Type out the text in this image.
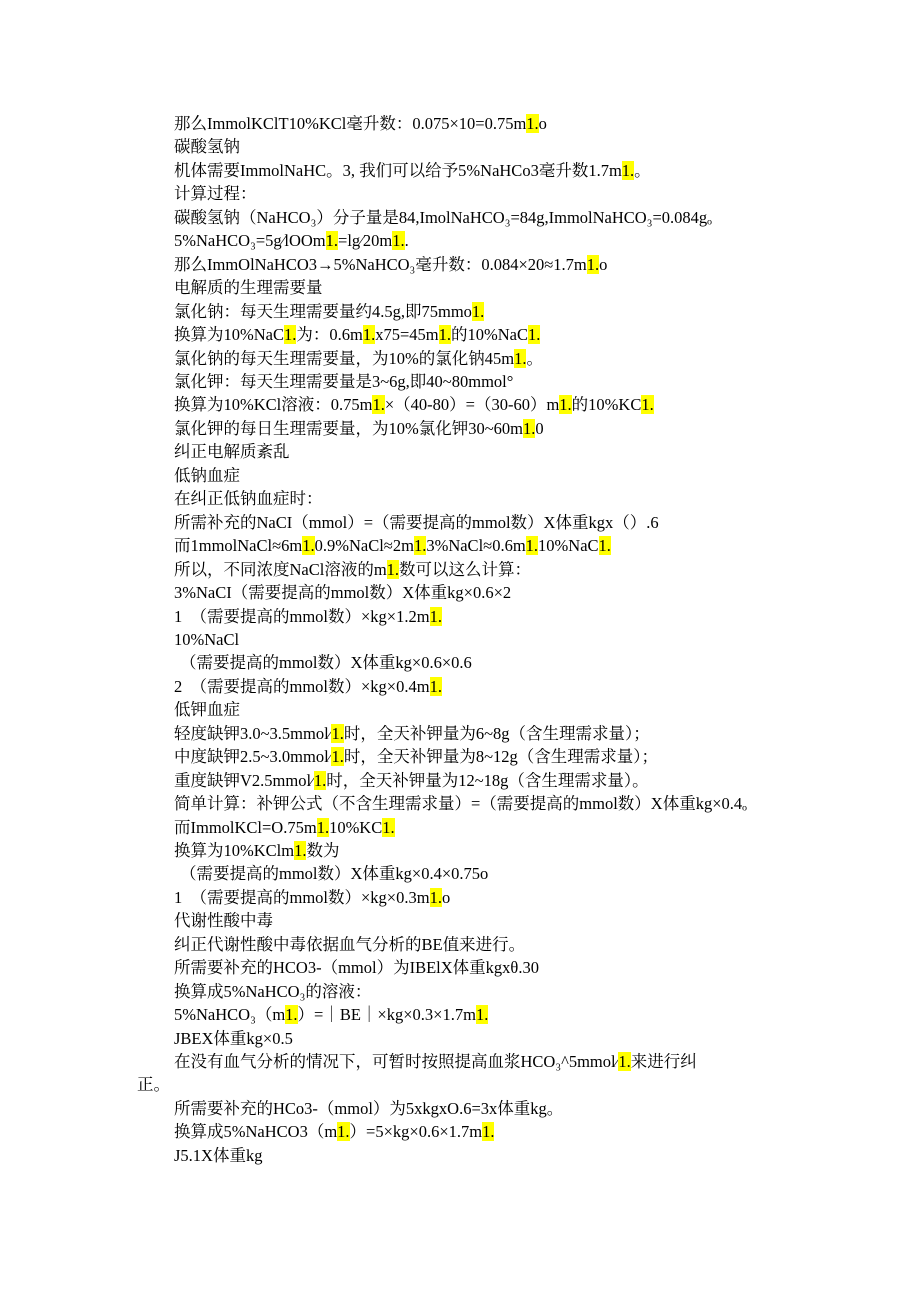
那么ImmolKClT10%KCl毫升数：0.075×10=0.75m1.o
碳酸氢钠
机体需要ImmolNaHC。3, 我们可以给予5%NaHCo3毫升数1.7m1.。
计算过程：
碳酸氢钠（NaHCO₃）分子量是84,ImolNaHCO₃=84g,ImmolNaHCO₃=0.084gₒ
5%NaHCO₃=5g⁄lOOm1.=lg⁄20m1..
那么ImmOlNaHCO3→5%NaHCO₃毫升数：0.084×20≈1.7m1.o
电解质的生理需要量
氯化钠：每天生理需要量约4.5g,即75mmo1.
换算为10%NaC1.为：0.6m1.x75=45m1.的10%NaC1.
氯化钠的每天生理需要量，为10%的氯化钠45m1.。
氯化钾：每天生理需要量是3~6g,即40~80mmol°
换算为10%KCl溶液：0.75m1.×（40-80）=（30-60）m1.的10%KC1.
氯化钾的每日生理需要量，为10%氯化钾30~60m1.0
纠正电解质紊乱
低钠血症
在纠正低钠血症时：
所需补充的NaCI（mmol）=（需要提高的mmol数）X体重kgx（）.6
而1mmolNaCl≈6m1.0.9%NaCl≈2m1.3%NaCl≈0.6m1.10%NaC1.
所以，不同浓度NaCl溶液的m1.数可以这么计算：
3%NaCI（需要提高的mmol数）X体重kg×0.6×2
1　（需要提高的mmol数）×kg×1.2m1.
10%NaCl
（需要提高的mmol数）X体重kg×0.6×0.6
2　（需要提高的mmol数）×kg×0.4m1.
低钾血症
轻度缺钾3.0~3.5mmol⁄1.时，全天补钾量为6~8g（含生理需求量）；
中度缺钾2.5~3.0mmol⁄1.时，全天补钾量为8~12g（含生理需求量）；
重度缺钾V2.5mmol⁄1.时，全天补钾量为12~18g（含生理需求量）。
简单计算：补钾公式（不含生理需求量）=（需要提高的mmol数）X体重kg×0.4ₒ
而ImmolKCl=O.75m1.10%KC1.
换算为10%KClm1.数为
（需要提高的mmol数）X体重kg×0.4×0.75o
1　（需要提高的mmol数）×kg×0.3m1.o
代谢性酸中毒
纠正代谢性酸中毒依据血气分析的BE值来进行。
所需要补充的HCO3-（mmol）为IBElX体重kgxθ.30
换算成5%NaHCO₃的溶液：
5%NaHCO₃（m1.）=｜BE｜×kg×0.3×1.7m1.
JBEX体重kg×0.5
在没有血气分析的情况下，可暂时按照提高血浆HCO₃^5mmol⁄1.来进行纠
正。
所需要补充的HCo3-（mmol）为5xkgxO.6=3x体重kg。
换算成5%NaHCO3（m1.）=5×kg×0.6×1.7m1.
J5.1X体重kg
